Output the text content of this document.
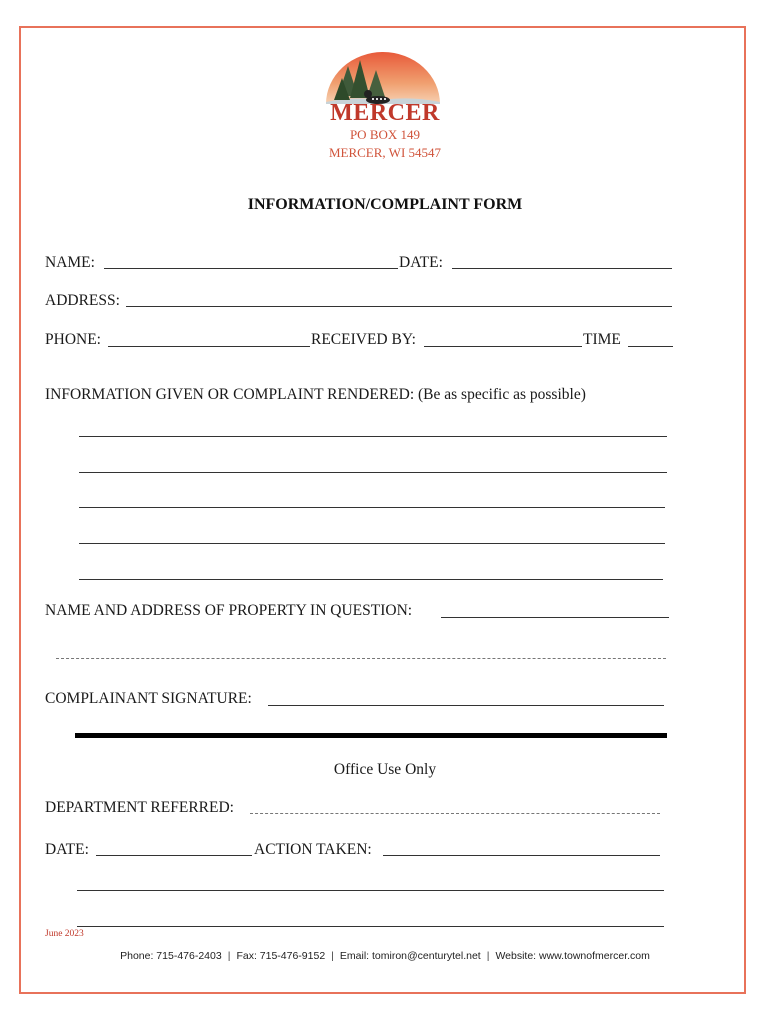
MERCER
PO BOX 149
MERCER, WI 54547
INFORMATION/COMPLAINT FORM
NAME:	DATE:
ADDRESS:
PHONE:	RECEIVED BY:	TIME
INFORMATION GIVEN OR COMPLAINT RENDERED: (Be as specific as possible)
NAME AND ADDRESS OF PROPERTY IN QUESTION:
COMPLAINANT SIGNATURE:
Office Use Only
DEPARTMENT REFERRED:
DATE:	ACTION TAKEN:
June 2023
Phone: 715-476-2403 | Fax: 715-476-9152 | Email: tomiron@centurytel.net | Website: www.townofmercer.com
